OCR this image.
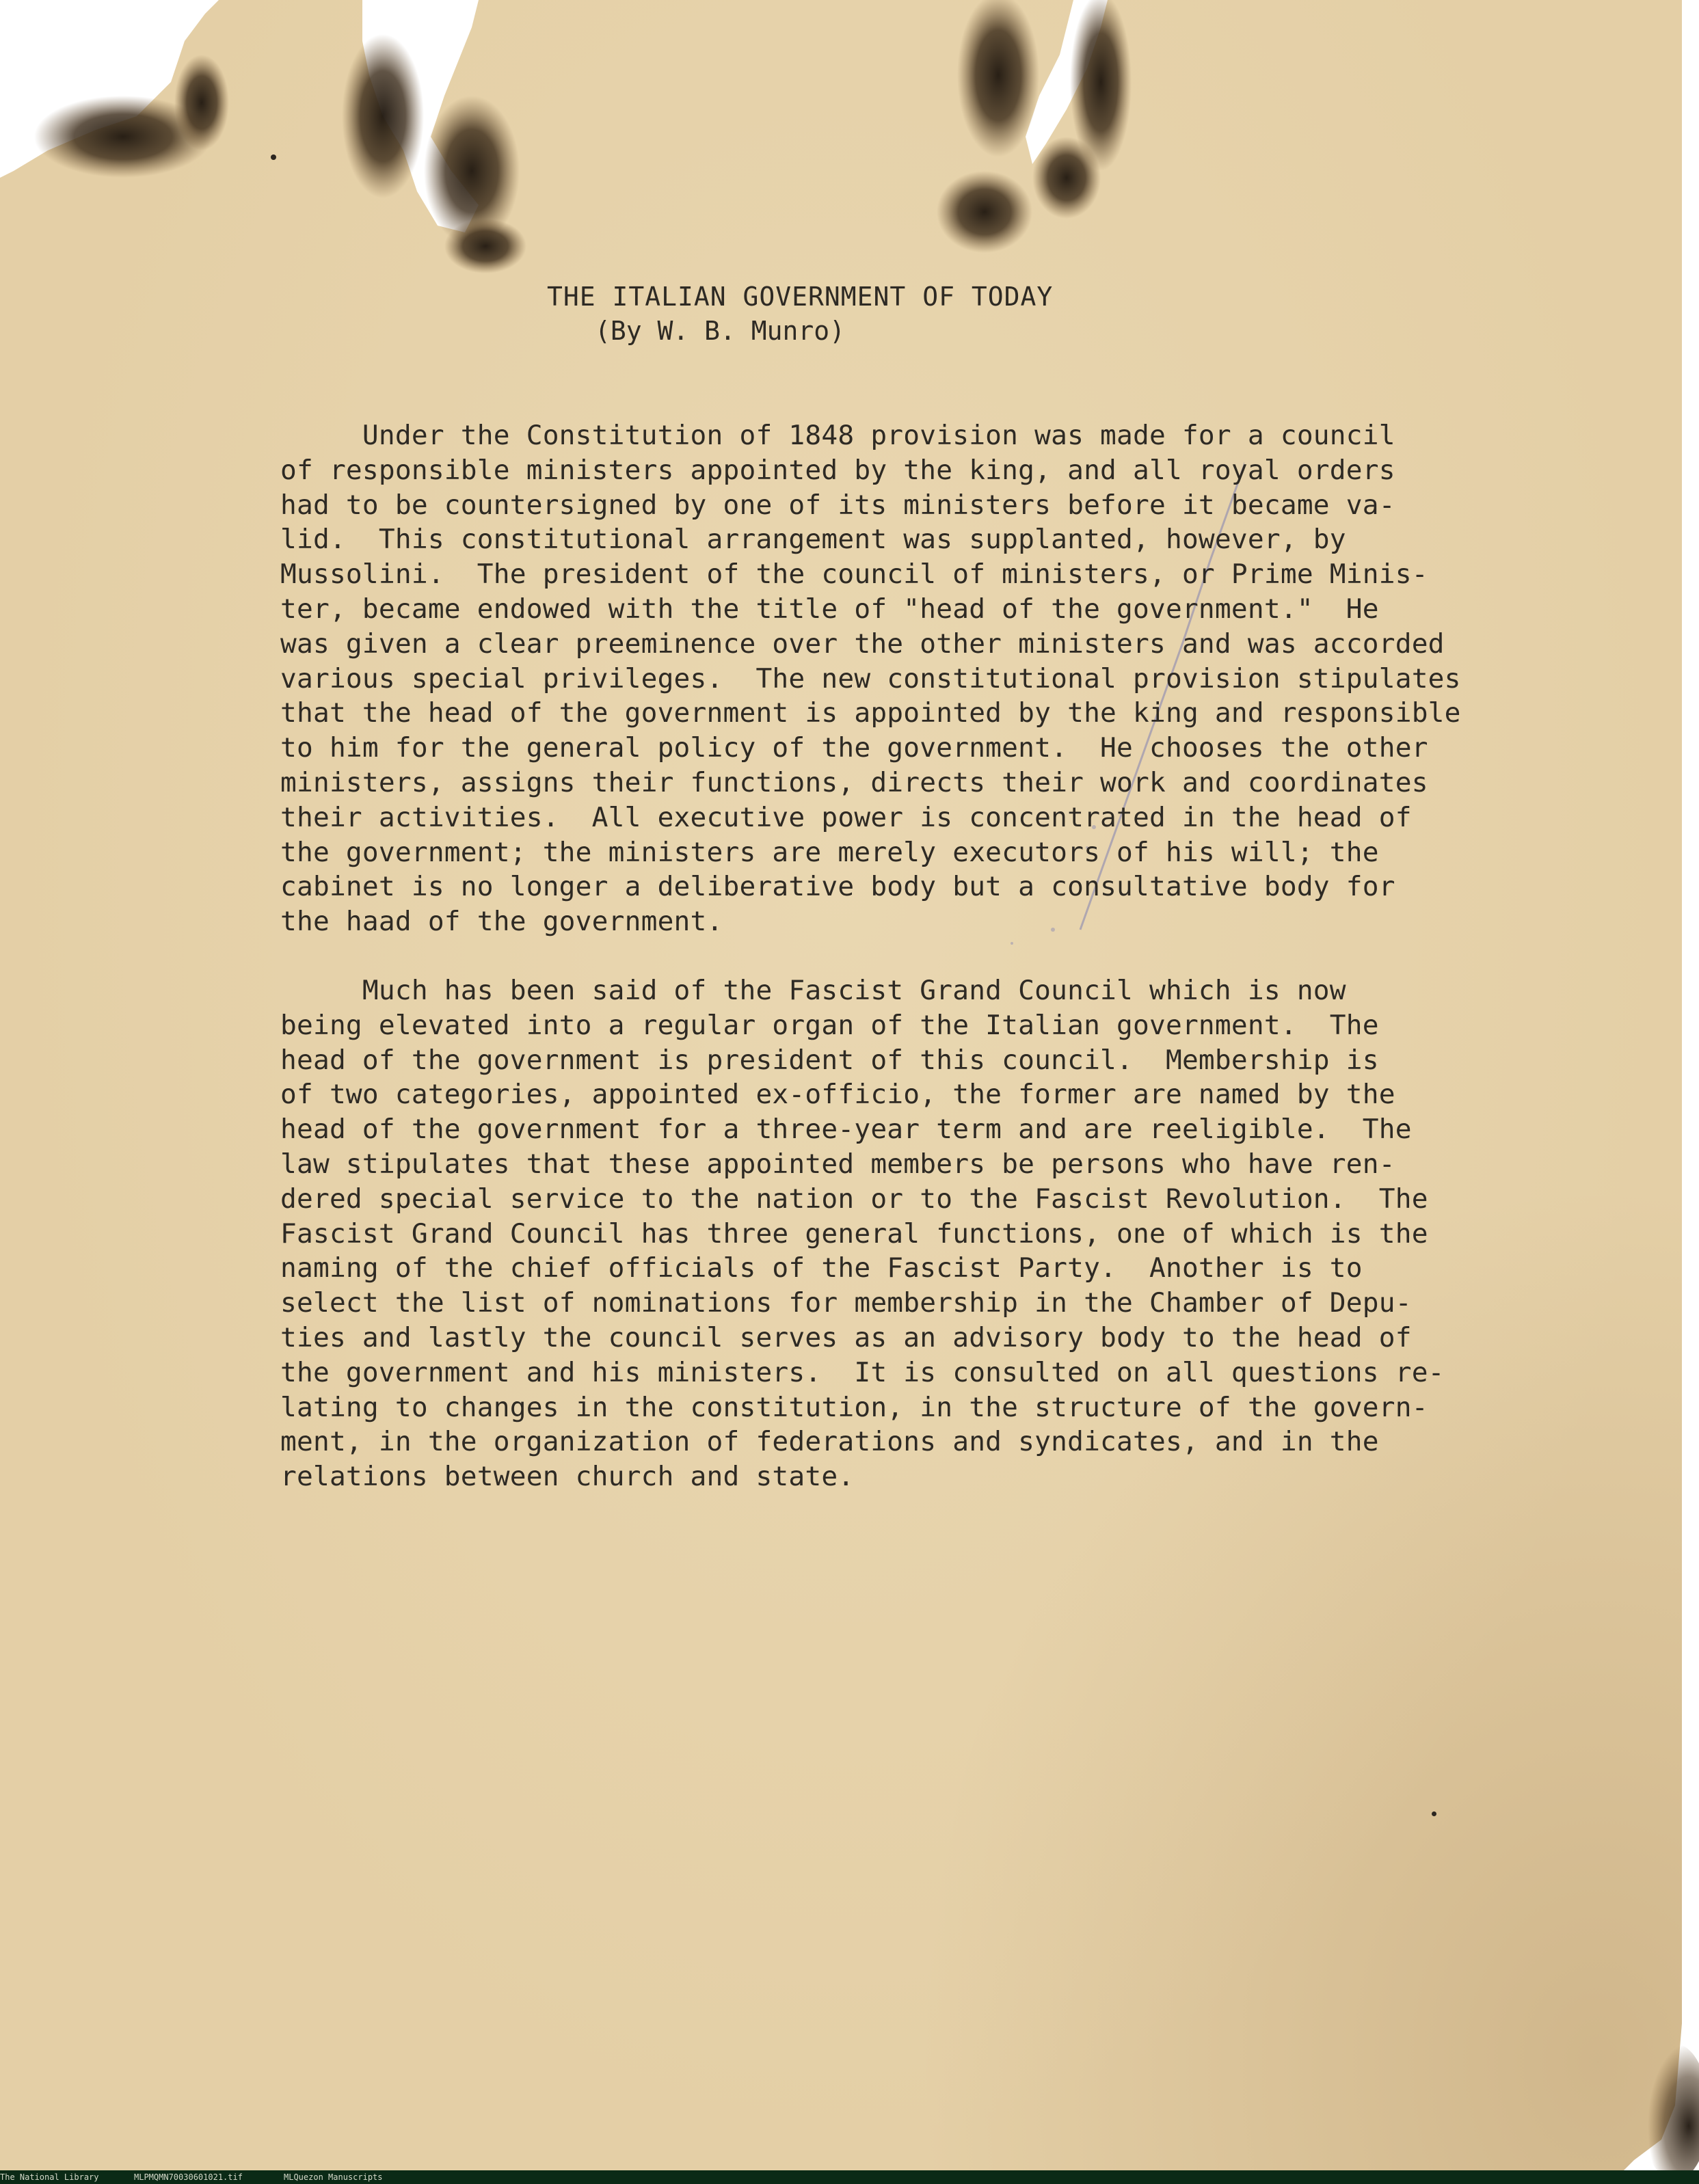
THE ITALIAN GOVERNMENT OF TODAY

(By W. B. Munro)

Under the Constitution of 1848 provision was made for a council
of responsible ministers appointed by the king, and all royal orders
had to be countersigned by one of its ministers before it became va-
lid.  This constitutional arrangement was supplanted, however, by
Mussolini.  The president of the council of ministers, or Prime Minis-
ter, became endowed with the title of "head of the government."  He
was given a clear preeminence over the other ministers and was accorded
various special privileges.  The new constitutional provision stipulates
that the head of the government is appointed by the king and responsible
to him for the general policy of the government.  He chooses the other
ministers, assigns their functions, directs their work and coordinates
their activities.  All executive power is concentrated in the head of
the government; the ministers are merely executors of his will; the
cabinet is no longer a deliberative body but a consultative body for
the haad of the government.
Much has been said of the Fascist Grand Council which is now
being elevated into a regular organ of the Italian government.  The
head of the government is president of this council.  Membership is
of two categories, appointed ex-officio, the former are named by the
head of the government for a three-year term and are reeligible.  The
law stipulates that these appointed members be persons who have ren-
dered special service to the nation or to the Fascist Revolution.  The
Fascist Grand Council has three general functions, one of which is the
naming of the chief officials of the Fascist Party.  Another is to
select the list of nominations for membership in the Chamber of Depu-
ties and lastly the council serves as an advisory body to the head of
the government and his ministers.  It is consulted on all questions re-
lating to changes in the constitution, in the structure of the govern-
ment, in the organization of federations and syndicates, and in the
relations between church and state.
The National Library	MLPMQMN70030601021.tif	MLQuezon Manuscripts
